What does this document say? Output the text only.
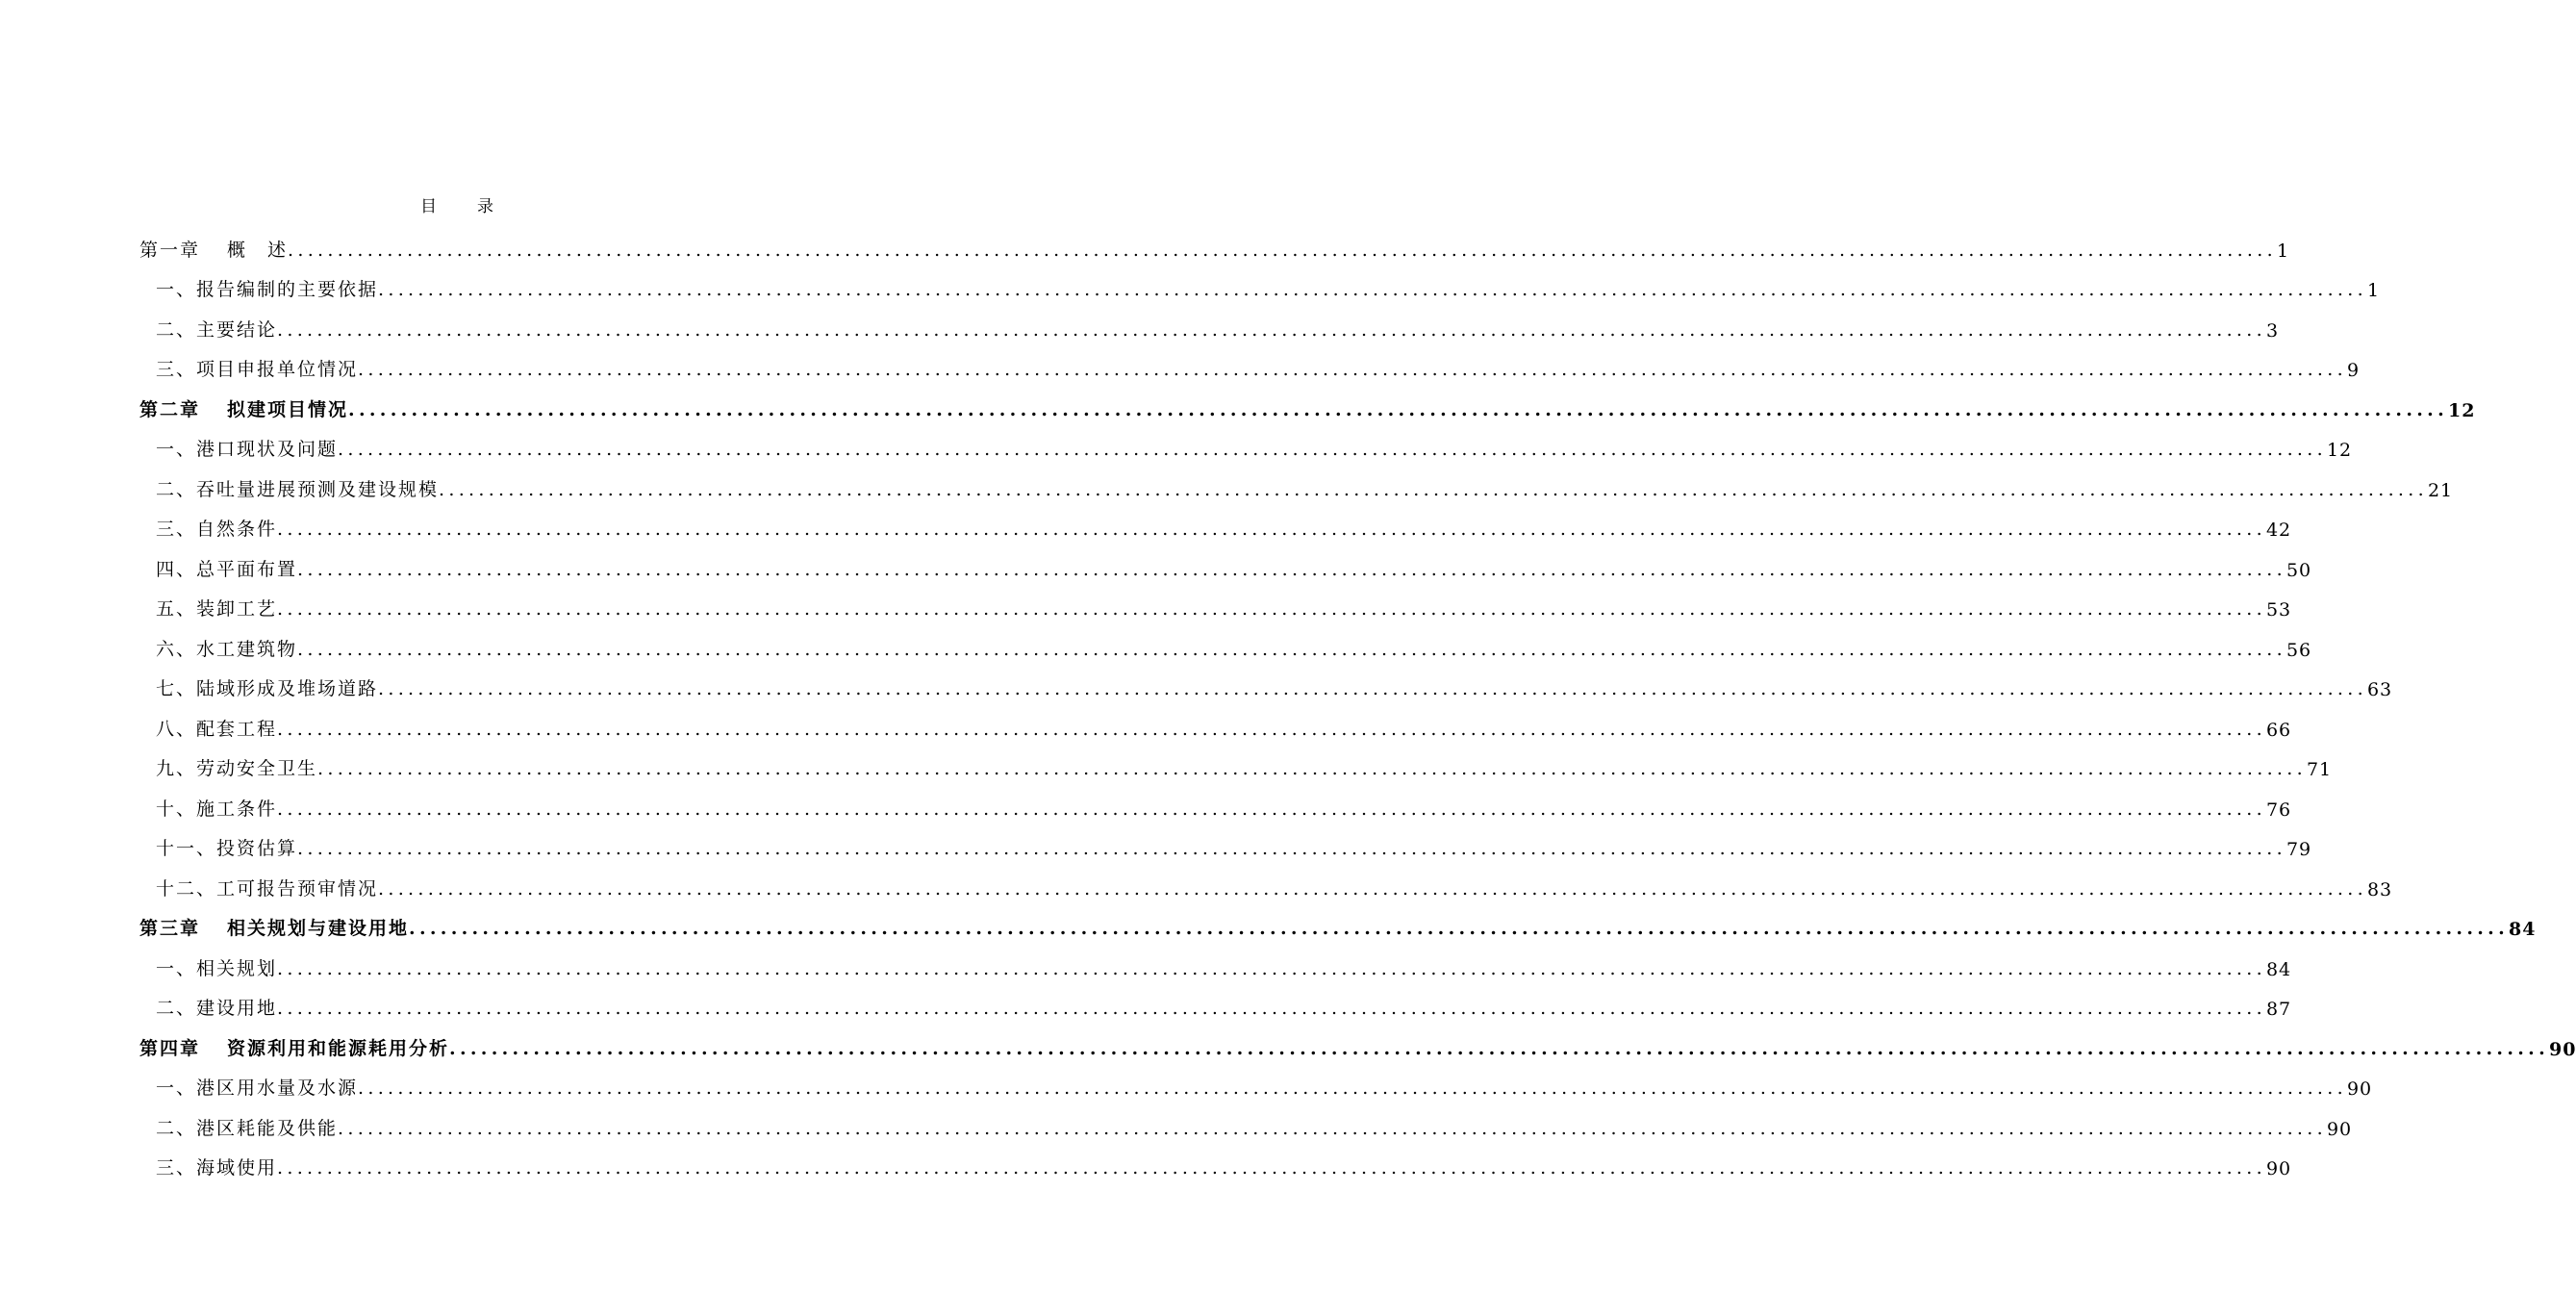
目 录
第一章 概　述 ........................................................................................................................................................................................................ 1
一、报告编制的主要依据 ........................................................................................................................................................................................................ 1
二、主要结论 ........................................................................................................................................................................................................ 3
三、项目申报单位情况 ........................................................................................................................................................................................................ 9
第二章 拟建项目情况 ........................................................................................................................................................................................................ 12
一、港口现状及问题 ........................................................................................................................................................................................................ 12
二、吞吐量进展预测及建设规模 ........................................................................................................................................................................................................ 21
三、自然条件 ........................................................................................................................................................................................................ 42
四、总平面布置 ........................................................................................................................................................................................................ 50
五、装卸工艺 ........................................................................................................................................................................................................ 53
六、水工建筑物 ........................................................................................................................................................................................................ 56
七、陆域形成及堆场道路 ........................................................................................................................................................................................................ 63
八、配套工程 ........................................................................................................................................................................................................ 66
九、劳动安全卫生 ........................................................................................................................................................................................................ 71
十、施工条件 ........................................................................................................................................................................................................ 76
十一、投资估算 ........................................................................................................................................................................................................ 79
十二、工可报告预审情况 ........................................................................................................................................................................................................ 83
第三章 相关规划与建设用地 ........................................................................................................................................................................................................ 84
一、相关规划 ........................................................................................................................................................................................................ 84
二、建设用地 ........................................................................................................................................................................................................ 87
第四章 资源利用和能源耗用分析 ........................................................................................................................................................................................................ 90
一、港区用水量及水源 ........................................................................................................................................................................................................ 90
二、港区耗能及供能 ........................................................................................................................................................................................................ 90
三、海域使用 ........................................................................................................................................................................................................ 90
